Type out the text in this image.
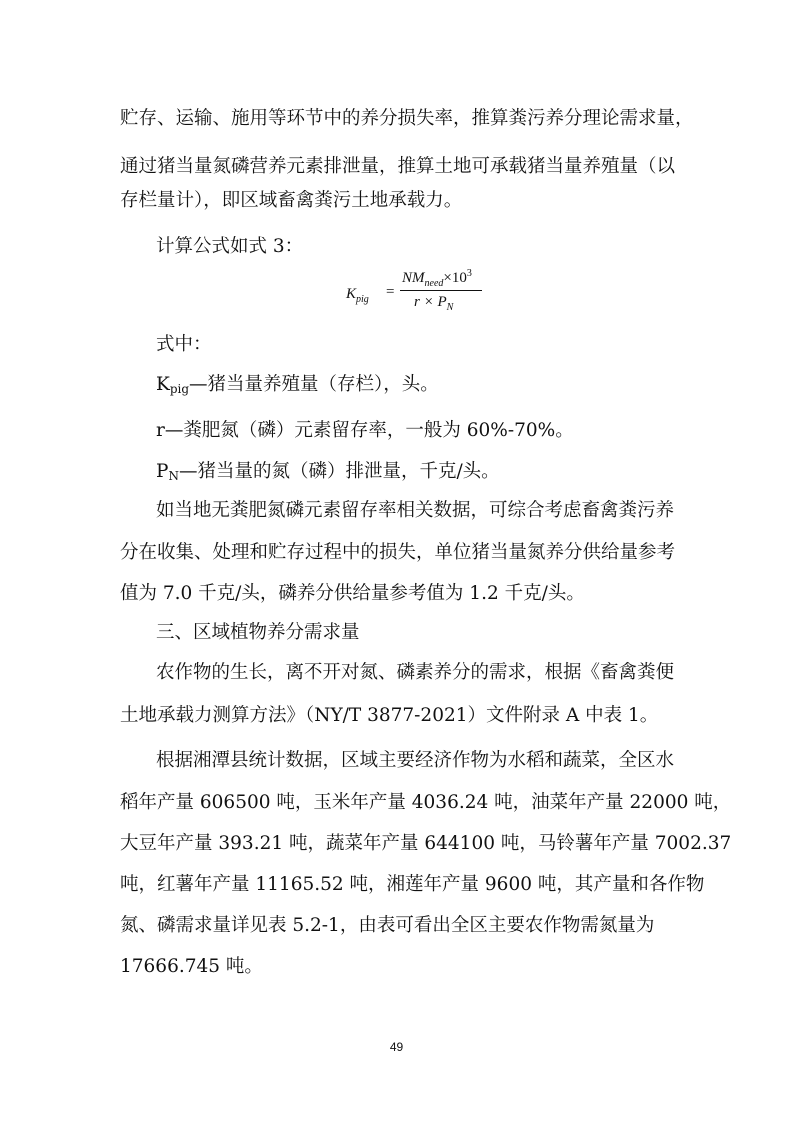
贮存、运输、施用等环节中的养分损失率，推算粪污养分理论需求量，
通过猪当量氮磷营养元素排泄量，推算土地可承载猪当量养殖量（以
存栏量计），即区域畜禽粪污土地承载力。
计算公式如式 3：
$K_{pig}$ =
$NM_{need}\times 10^3$
$r \times P_N$
式中：
$K_{pig}—$猪当量养殖量（存栏），头。
r—粪肥氮（磷）元素留存率，一般为 60%-70%。
$P_N—$猪当量的氮（磷）排泄量，千克/头。
如当地无粪肥氮磷元素留存率相关数据，可综合考虑畜禽粪污养
分在收集、处理和贮存过程中的损失，单位猪当量氮养分供给量参考
值为 7.0 千克/头，磷养分供给量参考值为 1.2 千克/头。
三、区域植物养分需求量
农作物的生长，离不开对氮、磷素养分的需求，根据《畜禽粪便
土地承载力测算方法》（NY/T 3877-2021）文件附录 A 中表 1。
根据湘潭县统计数据，区域主要经济作物为水稻和蔬菜，全区水
稻年产量 606500 吨，玉米年产量 4036.24 吨，油菜年产量 22000 吨，
大豆年产量 393.21 吨，蔬菜年产量 644100 吨，马铃薯年产量 7002.37
吨，红薯年产量 11165.52 吨，湘莲年产量 9600 吨，其产量和各作物
氮、磷需求量详见表 5.2-1，由表可看出全区主要农作物需氮量为
17666.745 吨。
49
